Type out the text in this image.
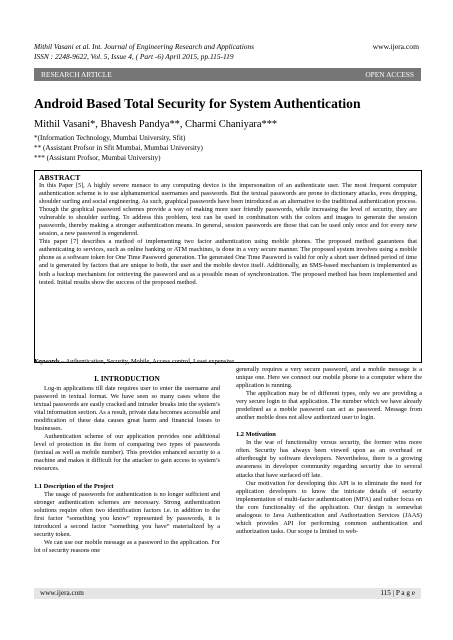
Mithil Vasani et al. Int. Journal of Engineering Research and Applications
ISSN : 2248-9622, Vol. 5, Issue 4, ( Part -6) April 2015, pp.115-119
www.ijera.com
RESEARCH ARTICLE	OPEN ACCESS
Android Based Total Security for System Authentication
Mithil Vasani*, Bhavesh Pandya**, Charmi Chaniyara***
*(Information Technology, Mumbai University, Sfit)
** (Assistant Profsor in Sfit Mumbai, Mumbai University)
*** (Assistant Profsor, Mumbai University)
ABSTRACT

In this Paper [5], A highly severe menace to any computing device is the impersonation of an authenticate user. The most frequent computer authentication scheme is to use alphanumerical usernames and passwords. But the textual passwords are prone to dictionary attacks, eves dropping, shoulder surfing and social engineering. As such, graphical passwords have been introduced as an alternative to the traditional authentication process. Though the graphical password schemes provide a way of making more user friendly passwords, while increasing the level of security, they are vulnerable to shoulder surfing. To address this problem, text can be used in combination with the colors and images to generate the session passwords, thereby making a stronger authentication means. In general, session passwords are those that can be used only once and for every new session, a new password is engendered.

This paper [7] describes a method of implementing two factor authentication using mobile phones. The proposed method guarantees that authenticating to services, such as online banking or ATM machines, is done in a very secure manner. The proposed system involves using a mobile phone as a software token for One Time Password generation. The generated One Time Password is valid for only a short user defined period of time and is generated by factors that are unique to both, the user and the mobile device itself. Additionally, an SMS-based mechanism is implemented as both a backup mechanism for retrieving the password and as a possible mean of synchronization. The proposed method has been implemented and tested. Initial results show the success of the proposed method.

Keywords – Authentication, Security, Mobile, Access control, Least expensive
I. INTRODUCTION

Log-in applications till date requires user to enter the username and password in textual format. We have seen so many cases where the textual passwords are easily cracked and intruder breaks into the system’s vital information section. As a result, private data becomes accessible and modification of these data causes great harm and financial losses to businesses.

Authentication scheme of our application provides one additional level of protection in the form of comparing two types of passwords (textual as well as mobile number). This provides enhanced security to a machine and makes it difficult for the attacker to gain access to system’s resources.

1.1 Description of the Project

The usage of passwords for authentication is no longer sufficient and stronger authentication schemes are necessary. Strong authentication solutions require often two identification factors i.e. in addition to the first factor “something you know” represented by passwords, it is introduced a second factor “something you have” materialized by a security token.

We can use our mobile message as a password to the application. For lot of security reasons one

generally requires a very secure password, and a mobile message is a unique one. Here we connect our mobile phone to a computer where the application is running.

The application may be of different types, only we are providing a very secure login to that application. The number which we have already predefined as a mobile password can act as password. Message from another mobile does not allow authorized user to login.

1.2 Motivation

In the war of functionality versus security, the former wins more often. Security has always been viewed upon as an overhead or afterthought by software developers. Nevertheless, there is a growing awareness in developer community regarding security due to several attacks that have surfaced off late.

Our motivation for developing this API is to eliminate the need for application developers to know the intricate details of security implementation of multi-factor authentication (MFA) and rather focus on the core functionality of the application. Our design is somewhat analogous to Java Authentication and Authorization Services (JAAS) which provides API for performing common authentication and authorization tasks. Our scope is limited to web-

www.ijera.com	115 | P a g e
